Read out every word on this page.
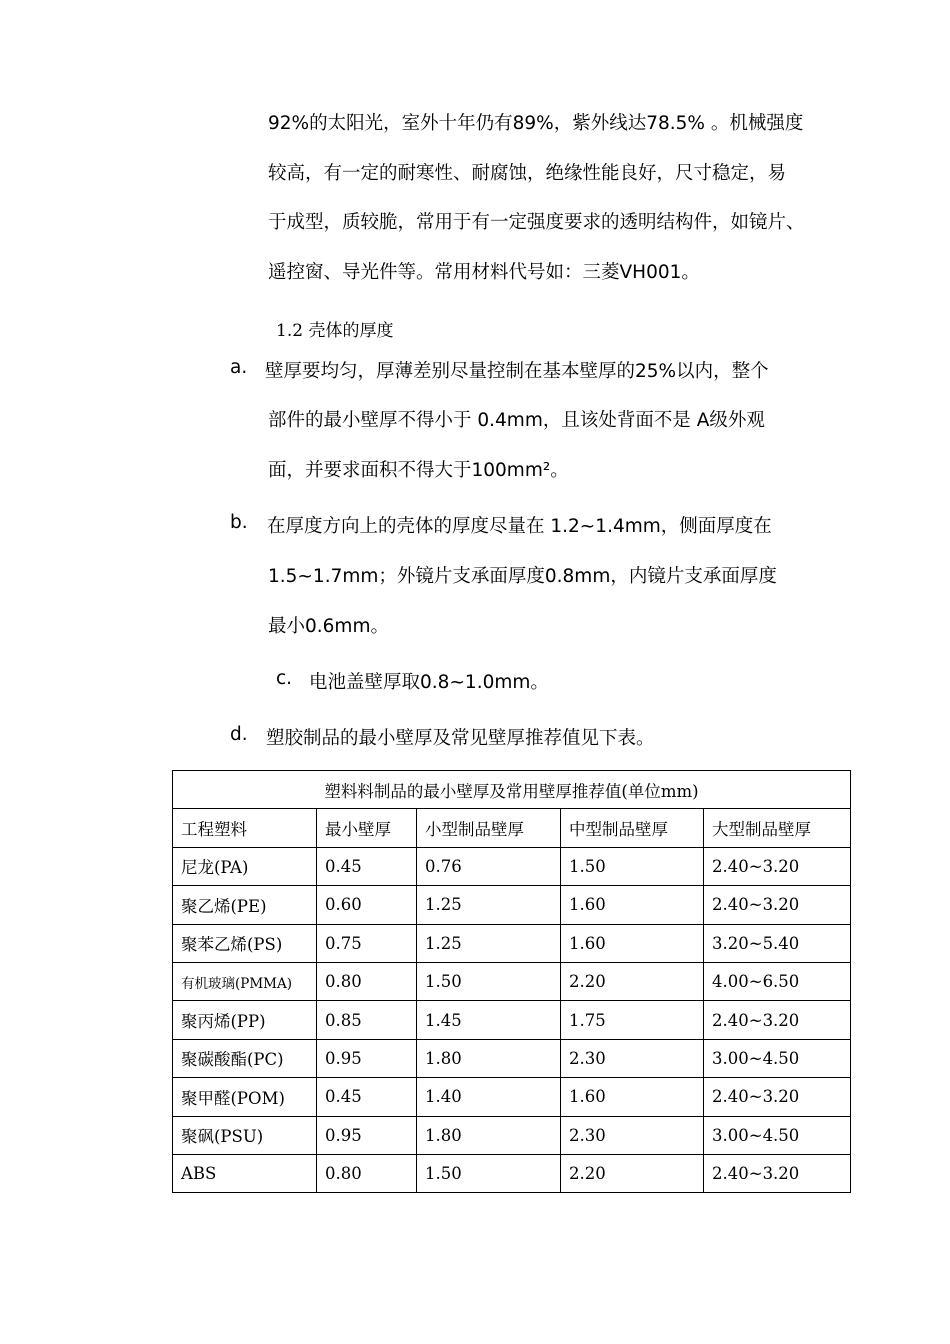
92%的太阳光，室外十年仍有89%，紫外线达78.5% 。机械强度
较高，有一定的耐寒性、耐腐蚀，绝缘性能良好，尺寸稳定，易
于成型，质较脆，常用于有一定强度要求的透明结构件，如镜片、
遥控窗、导光件等。常用材料代号如：三菱VH001。
1.2 壳体的厚度
a. 壁厚要均匀，厚薄差别尽量控制在基本壁厚的25%以内，整个
部件的最小壁厚不得小于 0.4mm，且该处背面不是 A级外观
面，并要求面积不得大于100mm²。
b. 在厚度方向上的壳体的厚度尽量在 1.2~1.4mm，侧面厚度在
1.5~1.7mm；外镜片支承面厚度0.8mm，内镜片支承面厚度
最小0.6mm。
c. 电池盖壁厚取0.8~1.0mm。
d. 塑胶制品的最小壁厚及常见壁厚推荐值见下表。
塑料料制品的最小壁厚及常用壁厚推荐值(单位mm)				
工程塑料	最小壁厚	小型制品壁厚	中型制品壁厚	大型制品壁厚
尼龙(PA)	0.45	0.76	1.50	2.40~3.20
聚乙烯(PE)	0.60	1.25	1.60	2.40~3.20
聚苯乙烯(PS)	0.75	1.25	1.60	3.20~5.40
有机玻璃(PMMA)	0.80	1.50	2.20	4.00~6.50
聚丙烯(PP)	0.85	1.45	1.75	2.40~3.20
聚碳酸酯(PC)	0.95	1.80	2.30	3.00~4.50
聚甲醛(POM)	0.45	1.40	1.60	2.40~3.20
聚砜(PSU)	0.95	1.80	2.30	3.00~4.50
ABS	0.80	1.50	2.20	2.40~3.20
